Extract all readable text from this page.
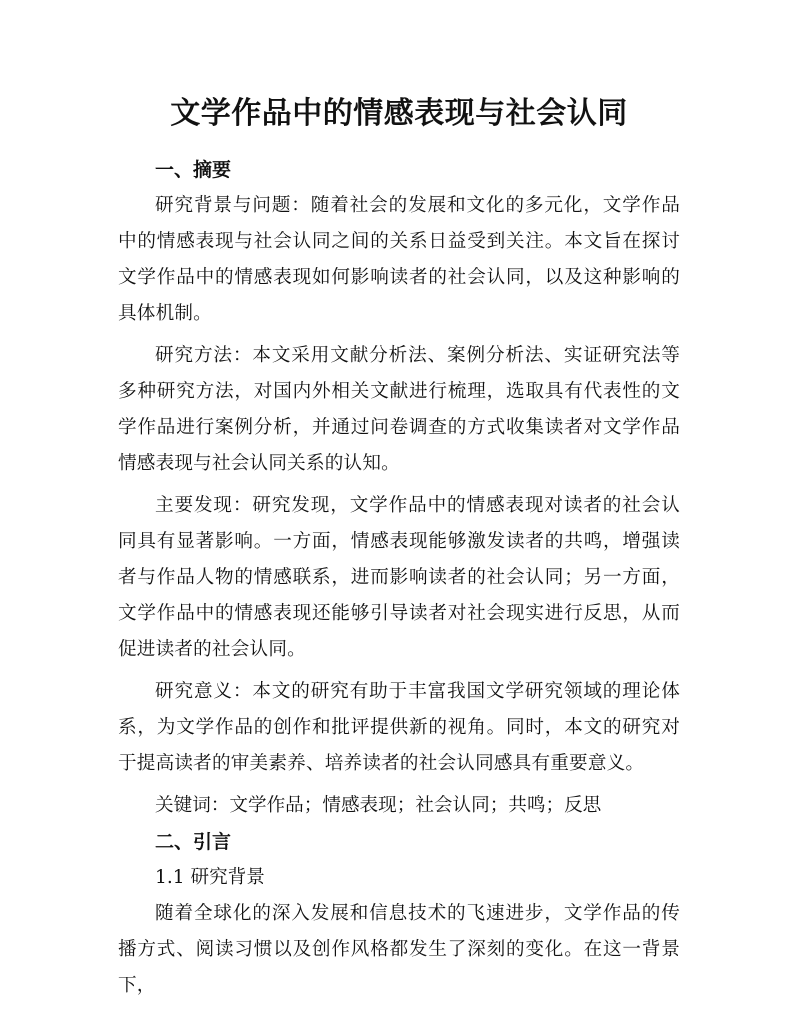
文学作品中的情感表现与社会认同
一、摘要

研究背景与问题：随着社会的发展和文化的多元化，文学作品中的情感表现与社会认同之间的关系日益受到关注。本文旨在探讨文学作品中的情感表现如何影响读者的社会认同，以及这种影响的具体机制。

研究方法：本文采用文献分析法、案例分析法、实证研究法等多种研究方法，对国内外相关文献进行梳理，选取具有代表性的文学作品进行案例分析，并通过问卷调查的方式收集读者对文学作品情感表现与社会认同关系的认知。

主要发现：研究发现，文学作品中的情感表现对读者的社会认同具有显著影响。一方面，情感表现能够激发读者的共鸣，增强读者与作品人物的情感联系，进而影响读者的社会认同；另一方面，文学作品中的情感表现还能够引导读者对社会现实进行反思，从而促进读者的社会认同。

研究意义：本文的研究有助于丰富我国文学研究领域的理论体系，为文学作品的创作和批评提供新的视角。同时，本文的研究对于提高读者的审美素养、培养读者的社会认同感具有重要意义。

关键词：文学作品；情感表现；社会认同；共鸣；反思

二、引言

1.1 研究背景

随着全球化的深入发展和信息技术的飞速进步，文学作品的传播方式、阅读习惯以及创作风格都发生了深刻的变化。在这一背景下，
